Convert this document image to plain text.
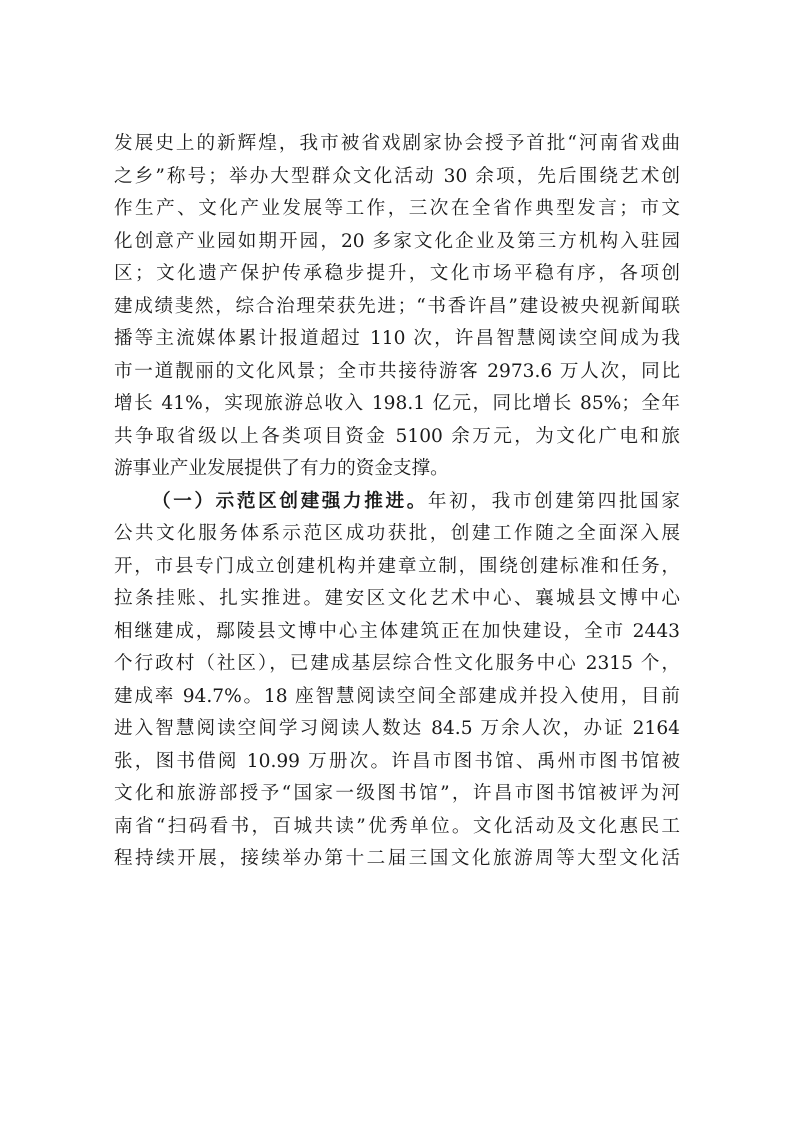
发展史上的新辉煌，我市被省戏剧家协会授予首批“河南省戏曲
之乡”称号；举办大型群众文化活动 30 余项，先后围绕艺术创
作生产、文化产业发展等工作，三次在全省作典型发言；市文
化创意产业园如期开园，20 多家文化企业及第三方机构入驻园
区；文化遗产保护传承稳步提升，文化市场平稳有序，各项创
建成绩斐然，综合治理荣获先进；“书香许昌”建设被央视新闻联
播等主流媒体累计报道超过 110 次，许昌智慧阅读空间成为我
市一道靓丽的文化风景；全市共接待游客 2973.6 万人次，同比
增长 41%，实现旅游总收入 198.1 亿元，同比增长 85%；全年
共争取省级以上各类项目资金 5100 余万元，为文化广电和旅
游事业产业发展提供了有力的资金支撑。
（一）示范区创建强力推进。年初，我市创建第四批国家
公共文化服务体系示范区成功获批，创建工作随之全面深入展
开，市县专门成立创建机构并建章立制，围绕创建标准和任务，
拉条挂账、扎实推进。建安区文化艺术中心、襄城县文博中心
相继建成，鄢陵县文博中心主体建筑正在加快建设，全市 2443
个行政村（社区），已建成基层综合性文化服务中心 2315 个，
建成率 94.7%。18 座智慧阅读空间全部建成并投入使用，目前
进入智慧阅读空间学习阅读人数达 84.5 万余人次，办证 2164
张，图书借阅 10.99 万册次。许昌市图书馆、禹州市图书馆被
文化和旅游部授予“国家一级图书馆”，许昌市图书馆被评为河
南省“扫码看书，百城共读”优秀单位。文化活动及文化惠民工
程持续开展，接续举办第十二届三国文化旅游周等大型文化活
